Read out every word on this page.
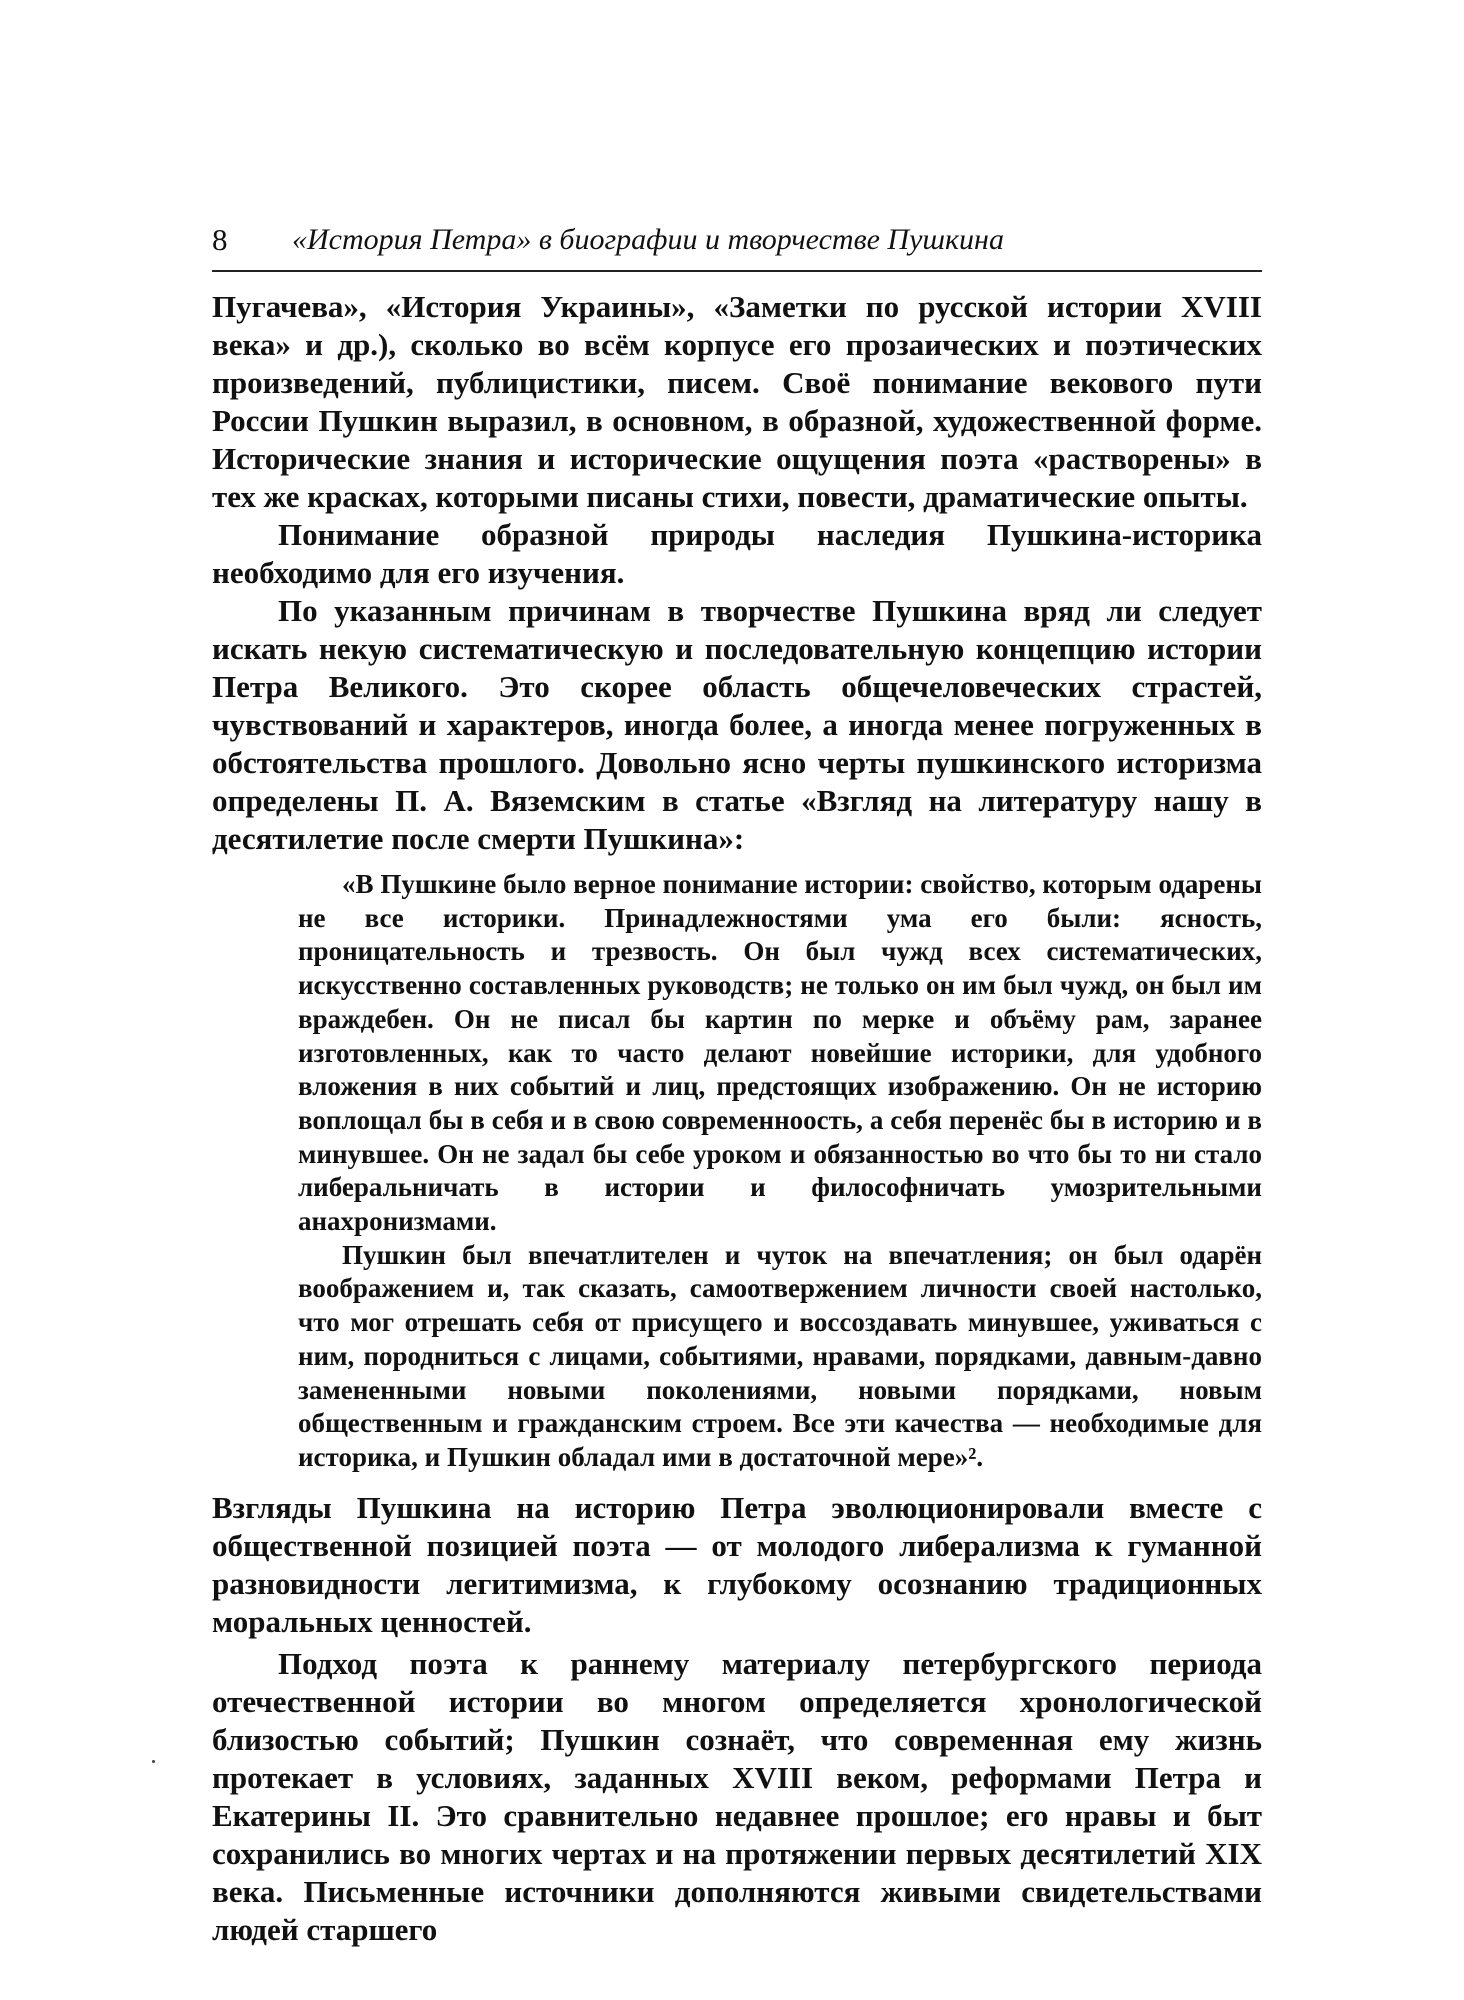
8 «История Петра» в биографии и творчестве Пушкина

Пугачева», «История Украины», «Заметки по русской истории XVIII века» и др.), сколько во всём корпусе его прозаических и поэтических произведений, публицистики, писем. Своё понимание векового пути России Пушкин выразил, в основном, в образной, художественной форме. Исторические знания и исторические ощущения поэта «растворены» в тех же красках, которыми писаны стихи, повести, драматические опыты.

Понимание образной природы наследия Пушкина-историка необходимо для его изучения.

По указанным причинам в творчестве Пушкина вряд ли следует искать некую систематическую и последовательную концепцию истории Петра Великого. Это скорее область общечеловеческих страстей, чувствований и характеров, иногда более, а иногда менее погруженных в обстоятельства прошлого. Довольно ясно черты пушкинского историзма определены П. А. Вяземским в статье «Взгляд на литературу нашу в десятилетие после смерти Пушкина»:

«В Пушкине было верное понимание истории: свойство, которым одарены не все историки. Принадлежностями ума его были: ясность, проницательность и трезвость. Он был чужд всех систематических, искусственно составленных руководств; не только он им был чужд, он был им враждебен. Он не писал бы картин по мерке и объёму рам, заранее изготовленных, как то часто делают новейшие историки, для удобного вложения в них событий и лиц, предстоящих изображению. Он не историю воплощал бы в себя и в свою современноость, а себя перенёс бы в историю и в минувшее. Он не задал бы себе уроком и обязанностью во что бы то ни стало либеральничать в истории и философничать умозрительными анахронизмами.

Пушкин был впечатлителен и чуток на впечатления; он был одарён воображением и, так сказать, самоотвержением личности своей настолько, что мог отрешать себя от присущего и воссоздавать минувшее, уживаться с ним, породниться с лицами, событиями, нравами, порядками, давным-давно замененными новыми поколениями, новыми порядками, новым общественным и гражданским строем. Все эти качества — необходимые для историка, и Пушкин обладал ими в достаточной мере»².

Взгляды Пушкина на историю Петра эволюционировали вместе с общественной позицией поэта — от молодого либерализма к гуманной разновидности легитимизма, к глубокому осознанию традиционных моральных ценностей.

Подход поэта к раннему материалу петербургского периода отечественной истории во многом определяется хронологической близостью событий; Пушкин сознаёт, что современная ему жизнь протекает в условиях, заданных XVIII веком, реформами Петра и Екатерины II. Это сравнительно недавнее прошлое; его нравы и быт сохранились во многих чертах и на протяжении первых десятилетий XIX века. Письменные источники дополняются живыми свидетельствами людей старшего
